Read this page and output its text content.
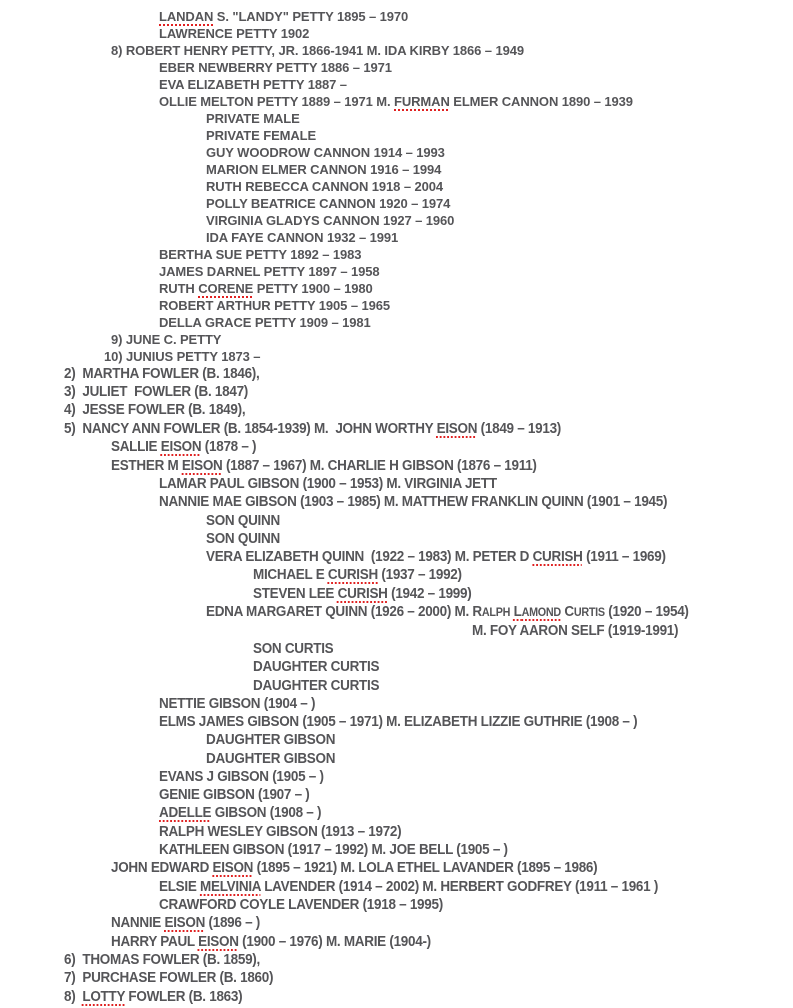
LANDAN S. "LANDY" PETTY 1895 – 1970
LAWRENCE PETTY 1902
8) ROBERT HENRY PETTY, JR. 1866-1941 M. IDA KIRBY 1866 – 1949
EBER NEWBERRY PETTY 1886 – 1971
EVA ELIZABETH PETTY 1887 –
OLLIE MELTON PETTY 1889 – 1971 M. FURMAN ELMER CANNON 1890 – 1939
PRIVATE MALE
PRIVATE FEMALE
GUY WOODROW CANNON 1914 – 1993
MARION ELMER CANNON 1916 – 1994
RUTH REBECCA CANNON 1918 – 2004
POLLY BEATRICE CANNON 1920 – 1974
VIRGINIA GLADYS CANNON 1927 – 1960
IDA FAYE CANNON 1932 – 1991
BERTHA SUE PETTY 1892 – 1983
JAMES DARNEL PETTY 1897 – 1958
RUTH CORENE PETTY 1900 – 1980
ROBERT ARTHUR PETTY 1905 – 1965
DELLA GRACE PETTY 1909 – 1981
9) JUNE C. PETTY
10) JUNIUS PETTY 1873 –
2)  MARTHA FOWLER (B. 1846),
3)  JULIET  FOWLER (B. 1847)
4)  JESSE FOWLER (B. 1849),
5)  NANCY ANN FOWLER (B. 1854-1939) M.  JOHN WORTHY EISON (1849 – 1913)
SALLIE EISON (1878 – )
ESTHER M EISON (1887 – 1967) M. CHARLIE H GIBSON (1876 – 1911)
LAMAR PAUL GIBSON (1900 – 1953) M. VIRGINIA JETT
NANNIE MAE GIBSON (1903 – 1985) M. MATTHEW FRANKLIN QUINN (1901 – 1945)
SON QUINN
SON QUINN
VERA ELIZABETH QUINN  (1922 – 1983) M. PETER D CURISH (1911 – 1969)
MICHAEL E CURISH (1937 – 1992)
STEVEN LEE CURISH (1942 – 1999)
EDNA MARGARET QUINN (1926 – 2000) M. RALPH LAMOND CURTIS (1920 – 1954)
M. FOY AARON SELF (1919-1991)
SON CURTIS
DAUGHTER CURTIS
DAUGHTER CURTIS
NETTIE GIBSON (1904 – )
ELMS JAMES GIBSON (1905 – 1971) M. ELIZABETH LIZZIE GUTHRIE (1908 – )
DAUGHTER GIBSON
DAUGHTER GIBSON
EVANS J GIBSON (1905 – )
GENIE GIBSON (1907 – )
ADELLE GIBSON (1908 – )
RALPH WESLEY GIBSON (1913 – 1972)
KATHLEEN GIBSON (1917 – 1992) M. JOE BELL (1905 – )
JOHN EDWARD EISON (1895 – 1921) M. LOLA ETHEL LAVANDER (1895 – 1986)
ELSIE MELVINIA LAVENDER (1914 – 2002) M. HERBERT GODFREY (1911 – 1961 )
CRAWFORD COYLE LAVENDER (1918 – 1995)
NANNIE EISON (1896 – )
HARRY PAUL EISON (1900 – 1976) M. MARIE (1904-)
6)  THOMAS FOWLER (B. 1859),
7)  PURCHASE FOWLER (B. 1860)
8)  LOTTY FOWLER (B. 1863)
